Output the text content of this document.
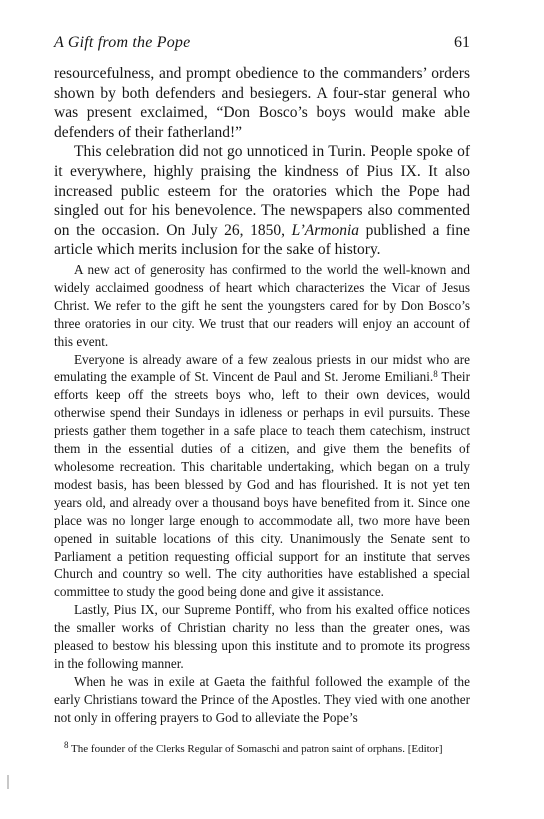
A Gift from the Pope	61

resourcefulness, and prompt obedience to the commanders’ orders shown by both defenders and besiegers. A four-star general who was present exclaimed, “Don Bosco’s boys would make able defenders of their fatherland!”

This celebration did not go unnoticed in Turin. People spoke of it everywhere, highly praising the kindness of Pius IX. It also increased public esteem for the oratories which the Pope had singled out for his benevolence. The newspapers also commented on the occasion. On July 26, 1850, L’Armonia published a fine article which merits inclusion for the sake of history.

A new act of generosity has confirmed to the world the well-known and widely acclaimed goodness of heart which characterizes the Vicar of Jesus Christ. We refer to the gift he sent the youngsters cared for by Don Bosco’s three oratories in our city. We trust that our readers will enjoy an account of this event.

Everyone is already aware of a few zealous priests in our midst who are emulating the example of St. Vincent de Paul and St. Jerome Emiliani.$^8$ Their efforts keep off the streets boys who, left to their own devices, would otherwise spend their Sundays in idleness or perhaps in evil pursuits. These priests gather them together in a safe place to teach them catechism, instruct them in the essential duties of a citizen, and give them the benefits of wholesome recreation. This charitable undertaking, which began on a truly modest basis, has been blessed by God and has flourished. It is not yet ten years old, and already over a thousand boys have benefited from it. Since one place was no longer large enough to accommodate all, two more have been opened in suitable locations of this city. Unanimously the Senate sent to Parliament a petition requesting official support for an institute that serves Church and country so well. The city authorities have established a special committee to study the good being done and give it assistance.

Lastly, Pius IX, our Supreme Pontiff, who from his exalted office notices the smaller works of Christian charity no less than the greater ones, was pleased to bestow his blessing upon this institute and to promote its progress in the following manner.

When he was in exile at Gaeta the faithful followed the example of the early Christians toward the Prince of the Apostles. They vied with one another not only in offering prayers to God to alleviate the Pope’s

$^8$ The founder of the Clerks Regular of Somaschi and patron saint of orphans. [Editor]
